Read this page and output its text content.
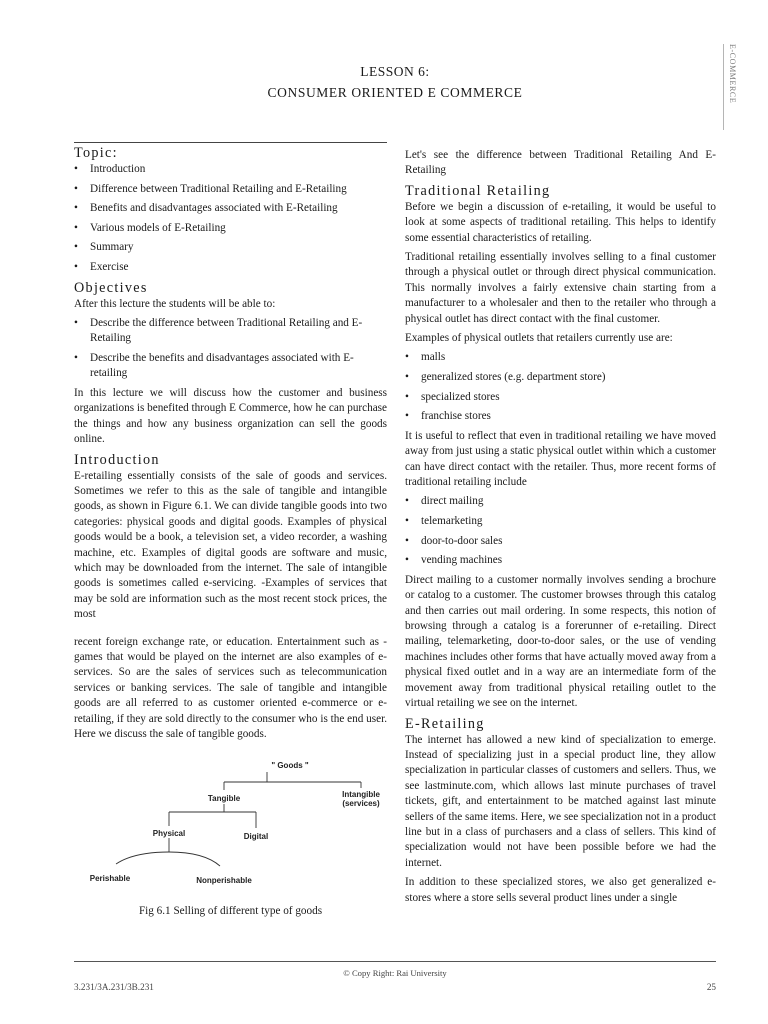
E-COMMERCE
LESSON 6:
CONSUMER ORIENTED E COMMERCE
Topic:
• Introduction
• Difference between Traditional Retailing and E-Retailing
• Benefits and disadvantages associated with E-Retailing
• Various models of E-Retailing
• Summary
• Exercise
Objectives

After this lecture the students will be able to:

• Describe the difference between Traditional Retailing and E-Retailing
• Describe the benefits and disadvantages associated with E-retailing

In this lecture we will discuss how the customer and business organizations is benefited through E Commerce, how he can purchase the things and how any business organization can sell the goods online.

Introduction

E-retailing essentially consists of the sale of goods and services. Sometimes we refer to this as the sale of tangible and intangible goods, as shown in Figure 6.1. We can divide tangible goods into two categories: physical goods and digital goods. Examples of physical goods would be a book, a television set, a video recorder, a washing machine, etc. Examples of digital goods are software and music, which may be downloaded from the internet. The sale of intangible goods is sometimes called e-servicing. -Examples of services that may be sold are information such as the most recent stock prices, the most

recent foreign exchange rate, or education. Entertainment such as -games that would be played on the internet are also examples of e-services. So are the sales of services such as telecommunication services or banking services. The sale of tangible and intangible goods are all referred to as customer oriented e-commerce or e-retailing, if they are sold directly to the consumer who is the end user. Here we discuss the sale of tangible goods.

" Goods "
Tangible	Intangible
(services)
Physical	Digital
Perishable	Nonperishable
Fig 6.1 Selling of different type of goods

Let's see the difference between Traditional Retailing And E-Retailing

Traditional Retailing

Before we begin a discussion of e-retailing, it would be useful to look at some aspects of traditional retailing. This helps to identify some essential characteristics of retailing.

Traditional retailing essentially involves selling to a final customer through a physical outlet or through direct physical communication. This normally involves a fairly extensive chain starting from a manufacturer to a wholesaler and then to the retailer who through a physical outlet has direct contact with the final customer.

Examples of physical outlets that retailers currently use are:

• malls
• generalized stores (e.g. department store)
• specialized stores
• franchise stores

It is useful to reflect that even in traditional retailing we have moved away from just using a static physical outlet within which a customer can have direct contact with the retailer. Thus, more recent forms of traditional retailing include

• direct mailing
• telemarketing
• door-to-door sales
• vending machines

Direct mailing to a customer normally involves sending a brochure or catalog to a customer. The customer browses through this catalog and then carries out mail ordering. In some respects, this notion of browsing through a catalog is a forerunner of e-retailing. Direct mailing, telemarketing, door-to-door sales, or the use of vending machines includes other forms that have actually moved away from a physical fixed outlet and in a way are an intermediate form of the movement away from traditional physical retailing outlet to the virtual retailing we see on the internet.

E-Retailing

The internet has allowed a new kind of specialization to emerge. Instead of specializing just in a special product line, they allow specialization in particular classes of customers and sellers. Thus, we see lastminute.com, which allows last minute purchases of travel tickets, gift, and entertainment to be matched against last minute sellers of the same items. Here, we see specialization not in a product line but in a class of purchasers and a class of sellers. This kind of specialization would not have been possible before we had the internet.

In addition to these specialized stores, we also get generalized e-stores where a store sells several product lines under a single

© Copy Right: Rai University
3.231/3A.231/3B.231	25
